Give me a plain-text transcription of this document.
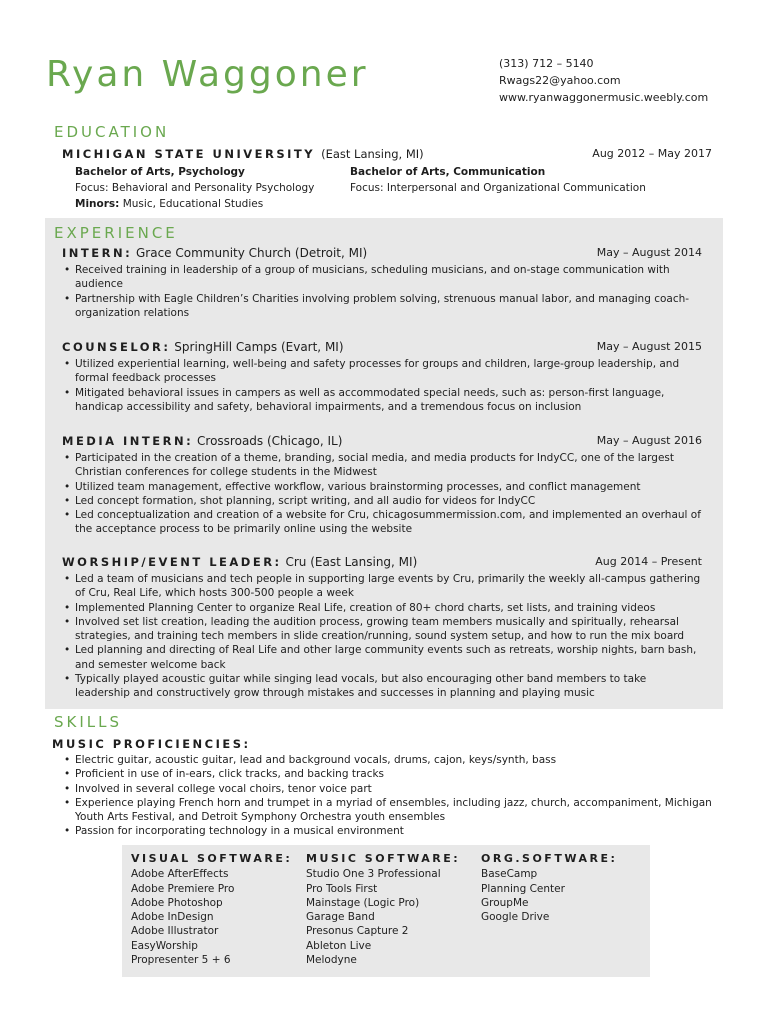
Ryan Waggoner	(313) 712 – 5140
Rwags22@yahoo.com
www.ryanwaggonermusic.weebly.com
EDUCATION
MICHIGAN STATE UNIVERSITY (East Lansing, MI)	Aug 2012 – May 2017
Bachelor of Arts, Psychology
Focus: Behavioral and Personality Psychology
Minors: Music, Educational Studies
Bachelor of Arts, Communication
Focus: Interpersonal and Organizational Communication
EXPERIENCE
INTERN: Grace Community Church (Detroit, MI)	May – August 2014
• Received training in leadership of a group of musicians, scheduling musicians, and on-stage communication with audience
• Partnership with Eagle Children’s Charities involving problem solving, strenuous manual labor, and managing coach-organization relations
COUNSELOR: SpringHill Camps (Evart, MI)	May – August 2015
• Utilized experiential learning, well-being and safety processes for groups and children, large-group leadership, and formal feedback processes
• Mitigated behavioral issues in campers as well as accommodated special needs, such as: person-first language, handicap accessibility and safety, behavioral impairments, and a tremendous focus on inclusion
MEDIA INTERN: Crossroads (Chicago, IL)	May – August 2016
• Participated in the creation of a theme, branding, social media, and media products for IndyCC, one of the largest Christian conferences for college students in the Midwest
• Utilized team management, effective workflow, various brainstorming processes, and conflict management
• Led concept formation, shot planning, script writing, and all audio for videos for IndyCC
• Led conceptualization and creation of a website for Cru, chicagosummermission.com, and implemented an overhaul of the acceptance process to be primarily online using the website
WORSHIP/EVENT LEADER: Cru (East Lansing, MI)	Aug 2014 – Present
• Led a team of musicians and tech people in supporting large events by Cru, primarily the weekly all-campus gathering of Cru, Real Life, which hosts 300-500 people a week
• Implemented Planning Center to organize Real Life, creation of 80+ chord charts, set lists, and training videos
• Involved set list creation, leading the audition process, growing team members musically and spiritually, rehearsal strategies, and training tech members in slide creation/running, sound system setup, and how to run the mix board
• Led planning and directing of Real Life and other large community events such as retreats, worship nights, barn bash, and semester welcome back
• Typically played acoustic guitar while singing lead vocals, but also encouraging other band members to take leadership and constructively grow through mistakes and successes in planning and playing music
SKILLS
MUSIC PROFICIENCIES:
• Electric guitar, acoustic guitar, lead and background vocals, drums, cajon, keys/synth, bass
• Proficient in use of in-ears, click tracks, and backing tracks
• Involved in several college vocal choirs, tenor voice part
• Experience playing French horn and trumpet in a myriad of ensembles, including jazz, church, accompaniment, Michigan Youth Arts Festival, and Detroit Symphony Orchestra youth ensembles
• Passion for incorporating technology in a musical environment
VISUAL SOFTWARE:
Adobe AfterEffects
Adobe Premiere Pro
Adobe Photoshop
Adobe InDesign
Adobe Illustrator
EasyWorship
Propresenter 5 + 6
MUSIC SOFTWARE:
Studio One 3 Professional
Pro Tools First
Mainstage (Logic Pro)
Garage Band
Presonus Capture 2
Ableton Live
Melodyne
ORG.SOFTWARE:
BaseCamp
Planning Center
GroupMe
Google Drive
